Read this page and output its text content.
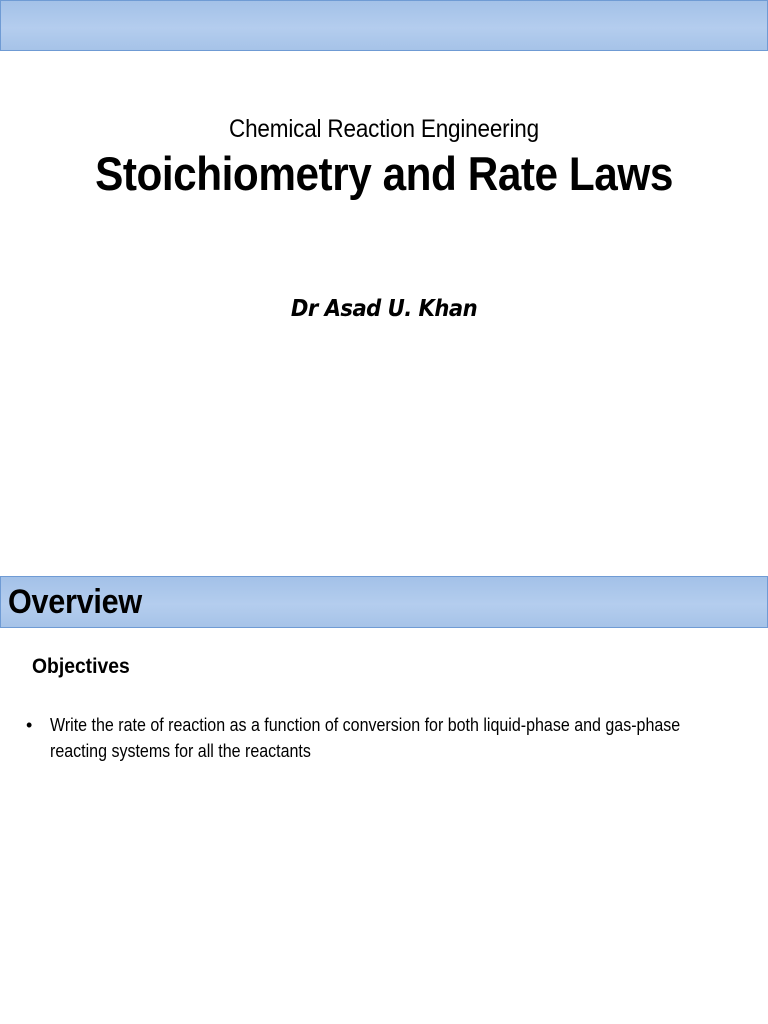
Chemical Reaction Engineering
Stoichiometry and Rate Laws
Dr Asad U. Khan
Overview
Objectives
• Write the rate of reaction as a function of conversion for both liquid-phase and gas-phase reacting systems for all the reactants
